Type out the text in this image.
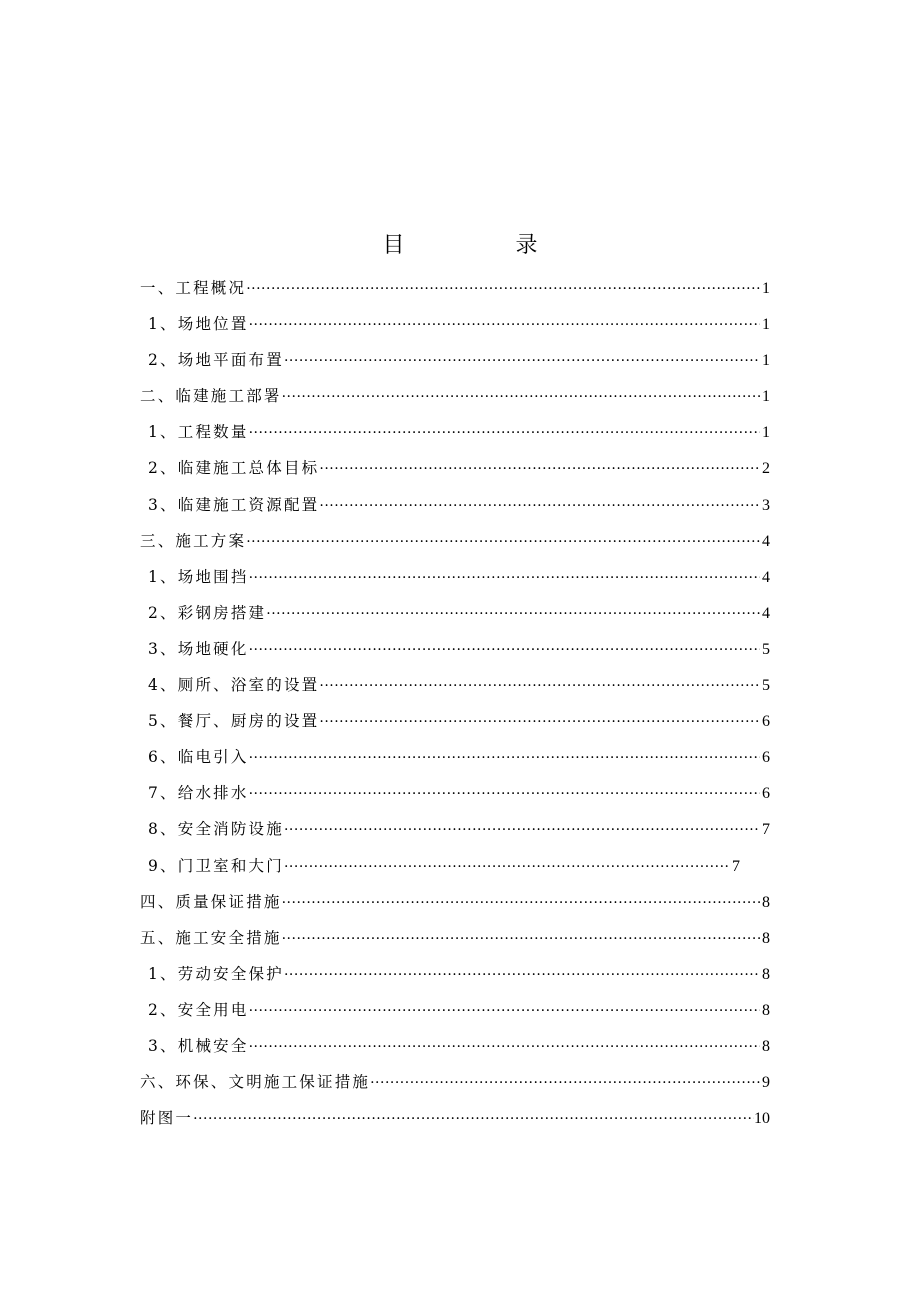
目 录
一、工程概况 ·····	1
1、场地位置 ·····	1
2、场地平面布置 ·····	1
二、临建施工部署 ·····	1
1、工程数量 ·····	1
2、临建施工总体目标 ·····	2
3、临建施工资源配置 ·····	3
三、施工方案 ·····	4
1、场地围挡 ·····	4
2、彩钢房搭建 ·····	4
3、场地硬化 ·····	5
4、厕所、浴室的设置 ·····	5
5、餐厅、厨房的设置 ·····	6
6、临电引入 ·····	6
7、给水排水 ·····	6
8、安全消防设施 ·····	7
9、门卫室和大门 ·····	7
四、质量保证措施 ·····	8
五、施工安全措施 ·····	8
1、劳动安全保护 ·····	8
2、安全用电 ·····	8
3、机械安全 ·····	8
六、环保、文明施工保证措施 ·····	9
附图一 ·····	10
